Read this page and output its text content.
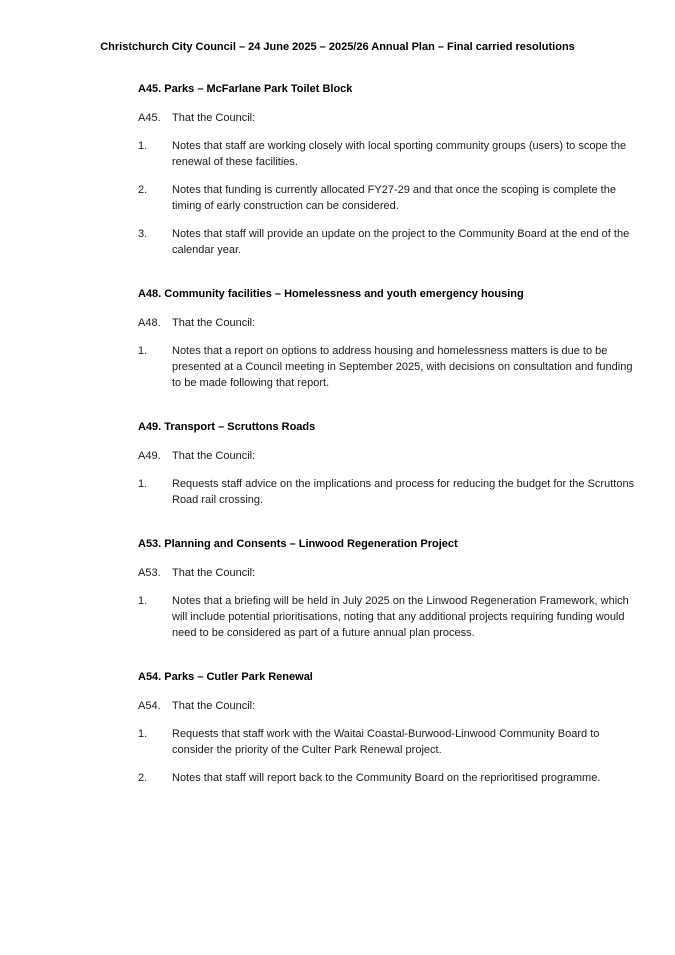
Christchurch City Council – 24 June 2025 – 2025/26 Annual Plan – Final carried resolutions
A45. Parks – McFarlane Park Toilet Block
A45.	That the Council:
1.	Notes that staff are working closely with local sporting community groups (users) to scope the renewal of these facilities.
2.	Notes that funding is currently allocated FY27-29 and that once the scoping is complete the timing of early construction can be considered.
3.	Notes that staff will provide an update on the project to the Community Board at the end of the calendar year.
A48. Community facilities – Homelessness and youth emergency housing
A48.	That the Council:
1.	Notes that a report on options to address housing and homelessness matters is due to be presented at a Council meeting in September 2025, with decisions on consultation and funding to be made following that report.
A49. Transport – Scruttons Roads
A49.	That the Council:
1.	Requests staff advice on the implications and process for reducing the budget for the Scruttons Road rail crossing.
A53. Planning and Consents – Linwood Regeneration Project
A53.	That the Council:
1.	Notes that a briefing will be held in July 2025 on the Linwood Regeneration Framework, which will include potential prioritisations, noting that any additional projects requiring funding would need to be considered as part of a future annual plan process.
A54. Parks – Cutler Park Renewal
A54.	That the Council:
1.	Requests that staff work with the Waitai Coastal-Burwood-Linwood Community Board to consider the priority of the Culter Park Renewal project.
2.	Notes that staff will report back to the Community Board on the reprioritised programme.
